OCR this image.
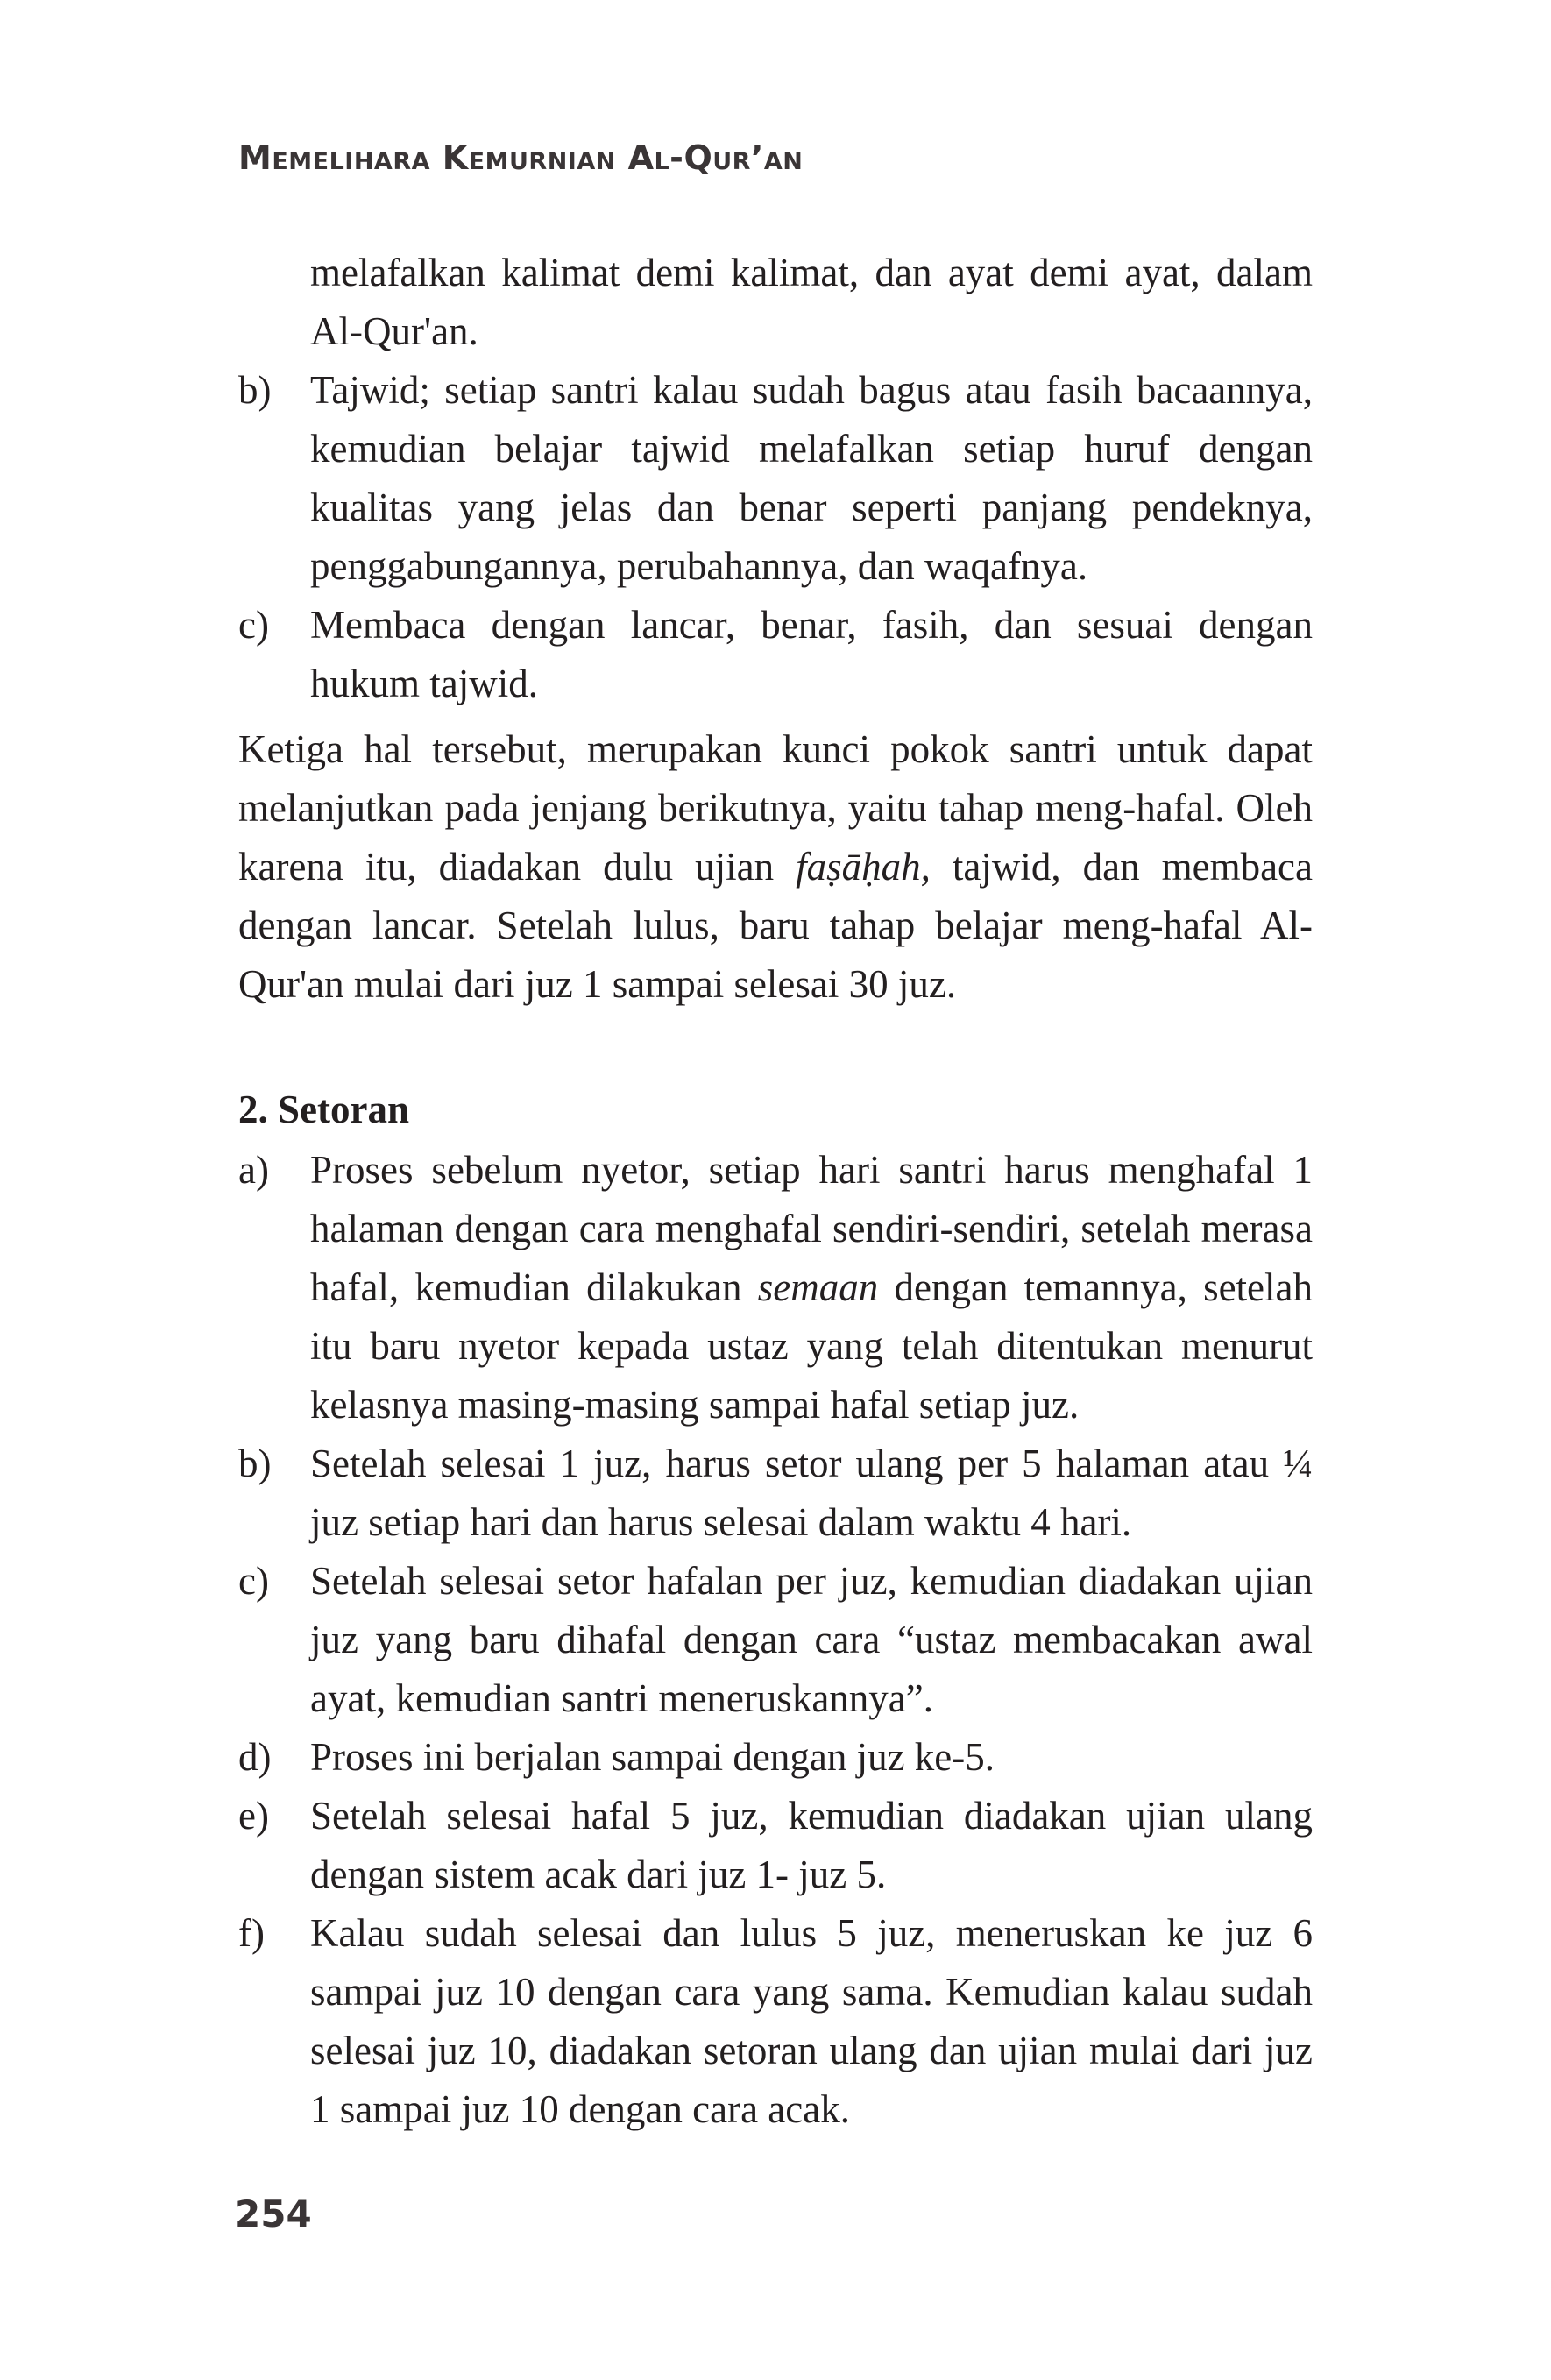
Memelihara Kemurnian Al-Qur’an

melafalkan kalimat demi kalimat, dan ayat demi ayat, dalam Al-Qur'an.

b) Tajwid; setiap santri kalau sudah bagus atau fasih bacaannya, kemudian belajar tajwid melafalkan setiap huruf dengan kualitas yang jelas dan benar seperti panjang pendeknya, penggabungannya, perubahannya, dan waqafnya.

c) Membaca dengan lancar, benar, fasih, dan sesuai dengan hukum tajwid.

Ketiga hal tersebut, merupakan kunci pokok santri untuk dapat melanjutkan pada jenjang berikutnya, yaitu tahap meng-hafal. Oleh karena itu, diadakan dulu ujian faṣāḥah, tajwid, dan membaca dengan lancar. Setelah lulus, baru tahap belajar meng-hafal Al-Qur'an mulai dari juz 1 sampai selesai 30 juz.

2. Setoran

a) Proses sebelum nyetor, setiap hari santri harus menghafal 1 halaman dengan cara menghafal sendiri-sendiri, setelah merasa hafal, kemudian dilakukan semaan dengan temannya, setelah itu baru nyetor kepada ustaz yang telah ditentukan menurut kelasnya masing-masing sampai hafal setiap juz.

b) Setelah selesai 1 juz, harus setor ulang per 5 halaman atau ¼ juz setiap hari dan harus selesai dalam waktu 4 hari.

c) Setelah selesai setor hafalan per juz, kemudian diadakan ujian juz yang baru dihafal dengan cara “ustaz membacakan awal ayat, kemudian santri meneruskannya”.

d) Proses ini berjalan sampai dengan juz ke-5.

e) Setelah selesai hafal 5 juz, kemudian diadakan ujian ulang dengan sistem acak dari juz 1- juz 5.

f) Kalau sudah selesai dan lulus 5 juz, meneruskan ke juz 6 sampai juz 10 dengan cara yang sama. Kemudian kalau sudah selesai juz 10, diadakan setoran ulang dan ujian mulai dari juz 1 sampai juz 10 dengan cara acak.

254
